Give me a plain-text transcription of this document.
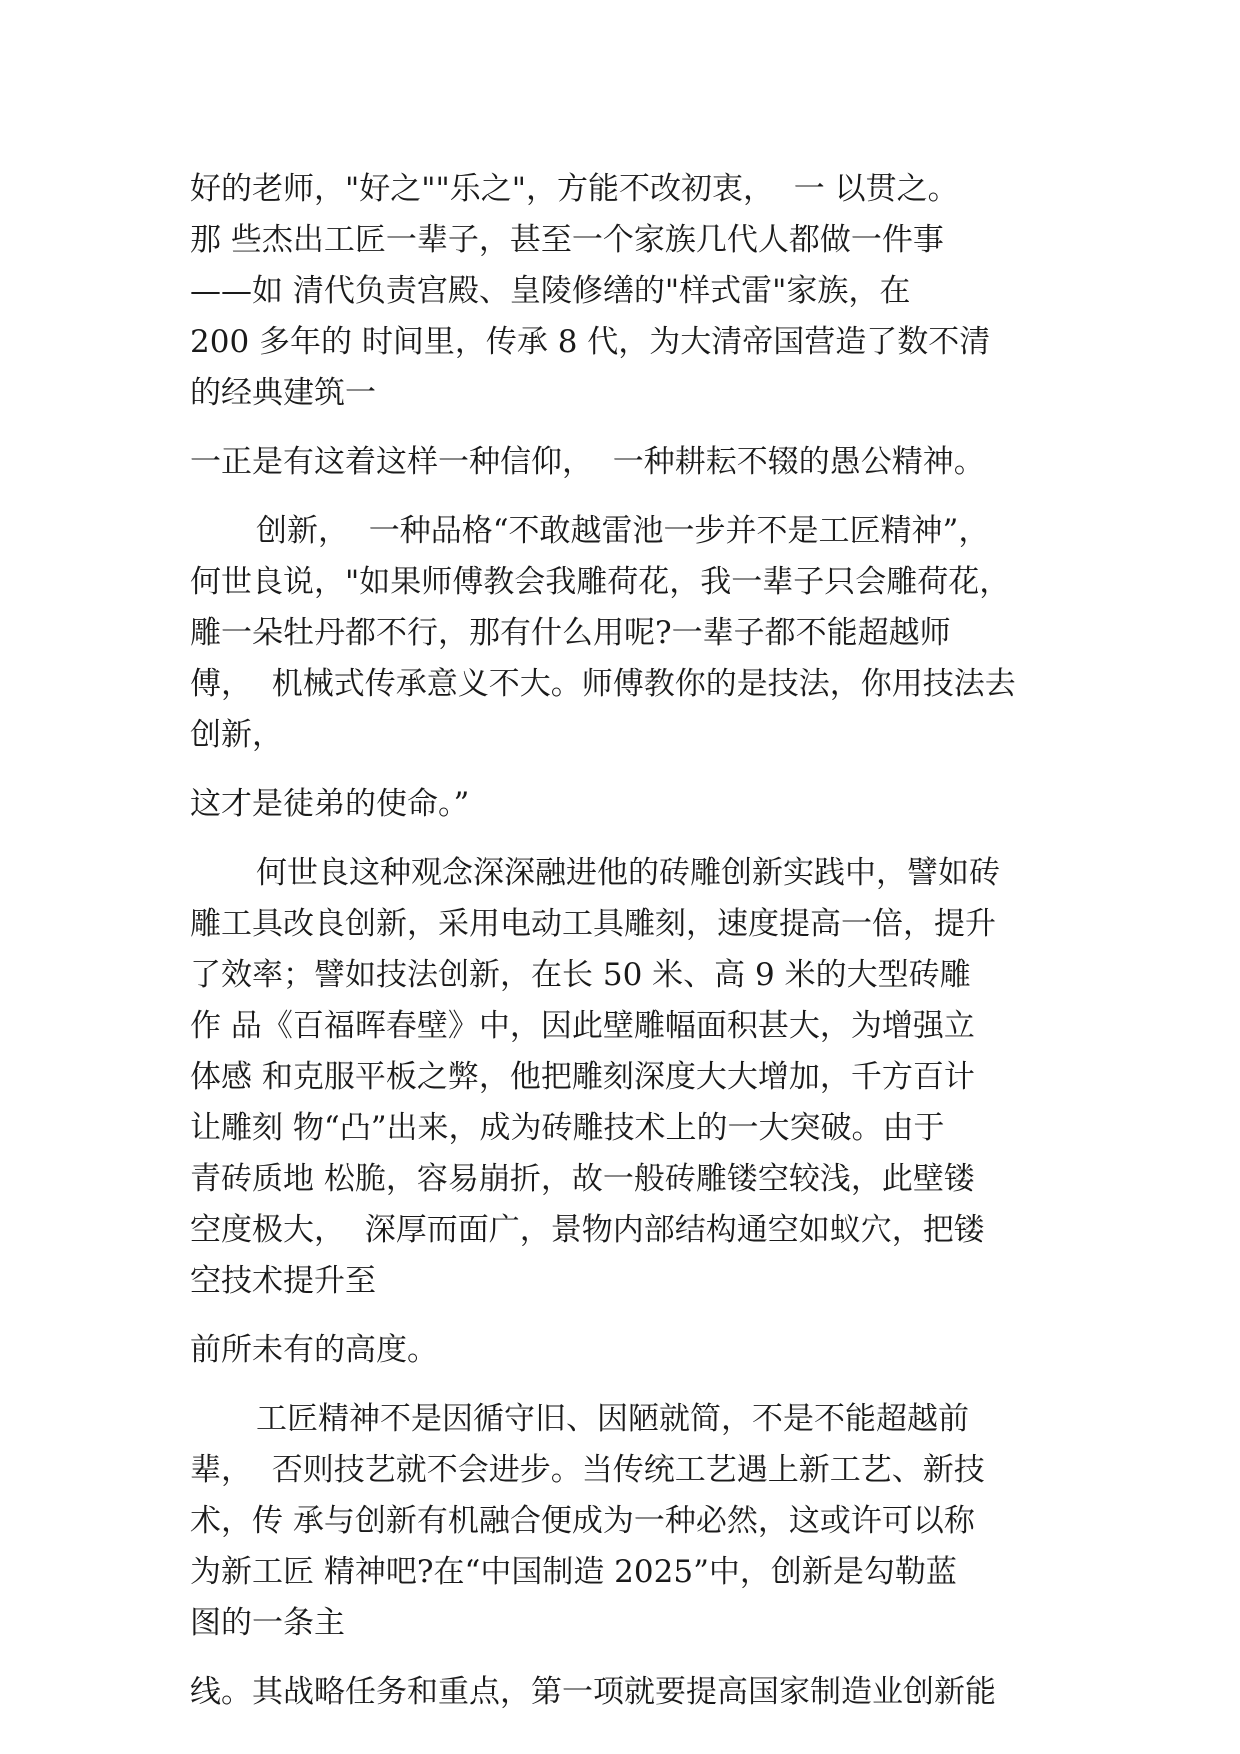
好的老师，"好之""乐之"，方能不改初衷，  一 以贯之。
那 些杰出工匠一辈子，甚至一个家族几代人都做一件事
——如 清代负责宫殿、皇陵修缮的"样式雷"家族，在
200 多年的 时间里，传承 8 代，为大清帝国营造了数不清
的经典建筑一
一正是有这着这样一种信仰，  一种耕耘不辍的愚公精神。
创新，  一种品格“不敢越雷池一步并不是工匠精神”，
何世良说，"如果师傅教会我雕荷花，我一辈子只会雕荷花，
雕一朵牡丹都不行，那有什么用呢?一辈子都不能超越师
傅，  机械式传承意义不大。师傅教你的是技法，你用技法去
创新，
这才是徒弟的使命。”
何世良这种观念深深融进他的砖雕创新实践中，譬如砖
雕工具改良创新，采用电动工具雕刻，速度提高一倍，提升
了效率；譬如技法创新，在长 50 米、高 9 米的大型砖雕
作 品《百福晖春壁》中，因此壁雕幅面积甚大，为增强立
体感 和克服平板之弊，他把雕刻深度大大增加，千方百计
让雕刻 物“凸”出来，成为砖雕技术上的一大突破。由于
青砖质地 松脆，容易崩折，故一般砖雕镂空较浅，此壁镂
空度极大，  深厚而面广，景物内部结构通空如蚁穴，把镂
空技术提升至
前所未有的高度。
工匠精神不是因循守旧、因陋就简，不是不能超越前
辈，  否则技艺就不会进步。当传统工艺遇上新工艺、新技
术，传 承与创新有机融合便成为一种必然，这或许可以称
为新工匠 精神吧?在“中国制造 2025”中，创新是勾勒蓝
图的一条主
线。其战略任务和重点，第一项就要提高国家制造业创新能
